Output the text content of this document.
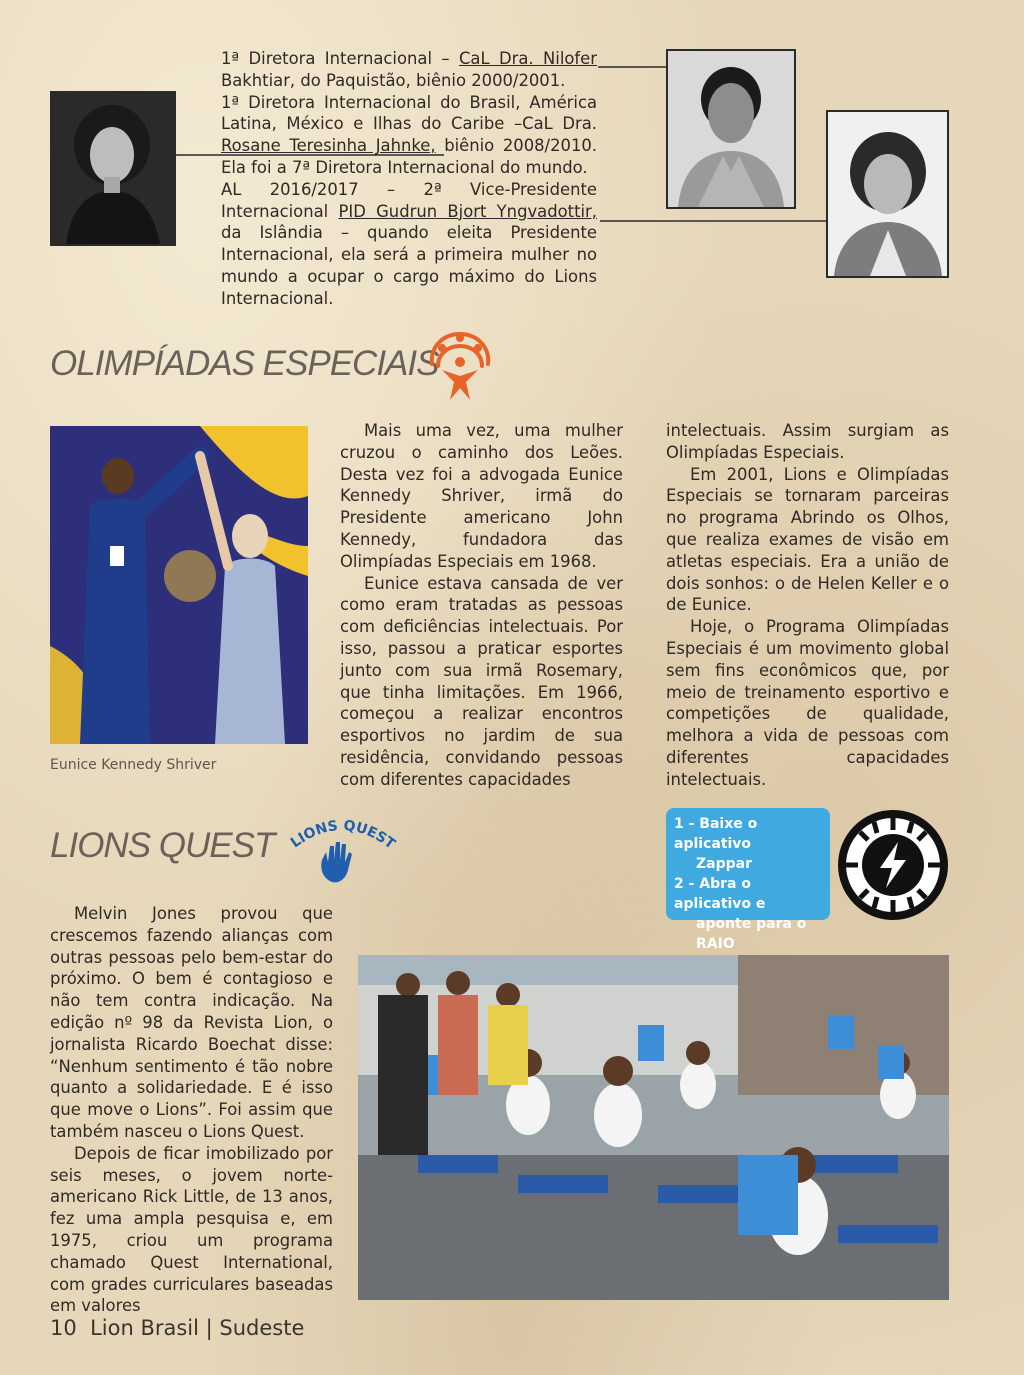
1ª Diretora Internacional – CaL Dra. Nilofer Bakhtiar, do Paquistão, biênio 2000/2001.

1ª Diretora Internacional do Brasil, América Latina, México e Ilhas do Caribe –CaL Dra. Rosane Teresinha Jahnke, biênio 2008/2010. Ela foi a 7ª Diretora Internacional do mundo.

AL 2016/2017 – 2ª Vice-Presidente Internacional PID Gudrun Bjort Yngvadottir, da Islândia – quando eleita Presidente Internacional, ela será a primeira mulher no mundo a ocupar o cargo máximo do Lions Internacional.

OLIMPÍADAS ESPECIAIS
Eunice Kennedy Shriver

Mais uma vez, uma mulher cruzou o caminho dos Leões. Desta vez foi a advogada Eunice Kennedy Shriver, irmã do Presidente americano John Kennedy, fundadora das Olimpíadas Especiais em 1968.

Eunice estava cansada de ver como eram tratadas as pessoas com deficiências intelectuais. Por isso, passou a praticar esportes junto com sua irmã Rosemary, que tinha limitações. Em 1966, começou a realizar encontros esportivos no jardim de sua residência, convidando pessoas com diferentes capacidades

intelectuais. Assim surgiam as Olimpíadas Especiais.

Em 2001, Lions e Olimpíadas Especiais se tornaram parceiras no programa Abrindo os Olhos, que realiza exames de visão em atletas especiais. Era a união de dois sonhos: o de Helen Keller e o de Eunice.

Hoje, o Programa Olimpíadas Especiais é um movimento global sem fins econômicos que, por meio de treinamento esportivo e competições de qualidade, melhora a vida de pessoas com diferentes capacidades intelectuais.

LIONS QUEST LIONS QUEST

Melvin Jones provou que crescemos fazendo alianças com outras pessoas pelo bem-estar do próximo. O bem é contagioso e não tem contra indicação. Na edição nº 98 da Revista Lion, o jornalista Ricardo Boechat disse: “Nenhum sentimento é tão nobre quanto a solidariedade. E é isso que move o Lions”. Foi assim que também nasceu o Lions Quest.

Depois de ficar imobilizado por seis meses, o jovem norte-americano Rick Little, de 13 anos, fez uma ampla pesquisa e, em 1975, criou um programa chamado Quest International, com grades curriculares baseadas em valores

1 - Baixe o aplicativo

Zappar

2 - Abra o aplicativo e

aponte para o RAIO

10 Lion Brasil | Sudeste
